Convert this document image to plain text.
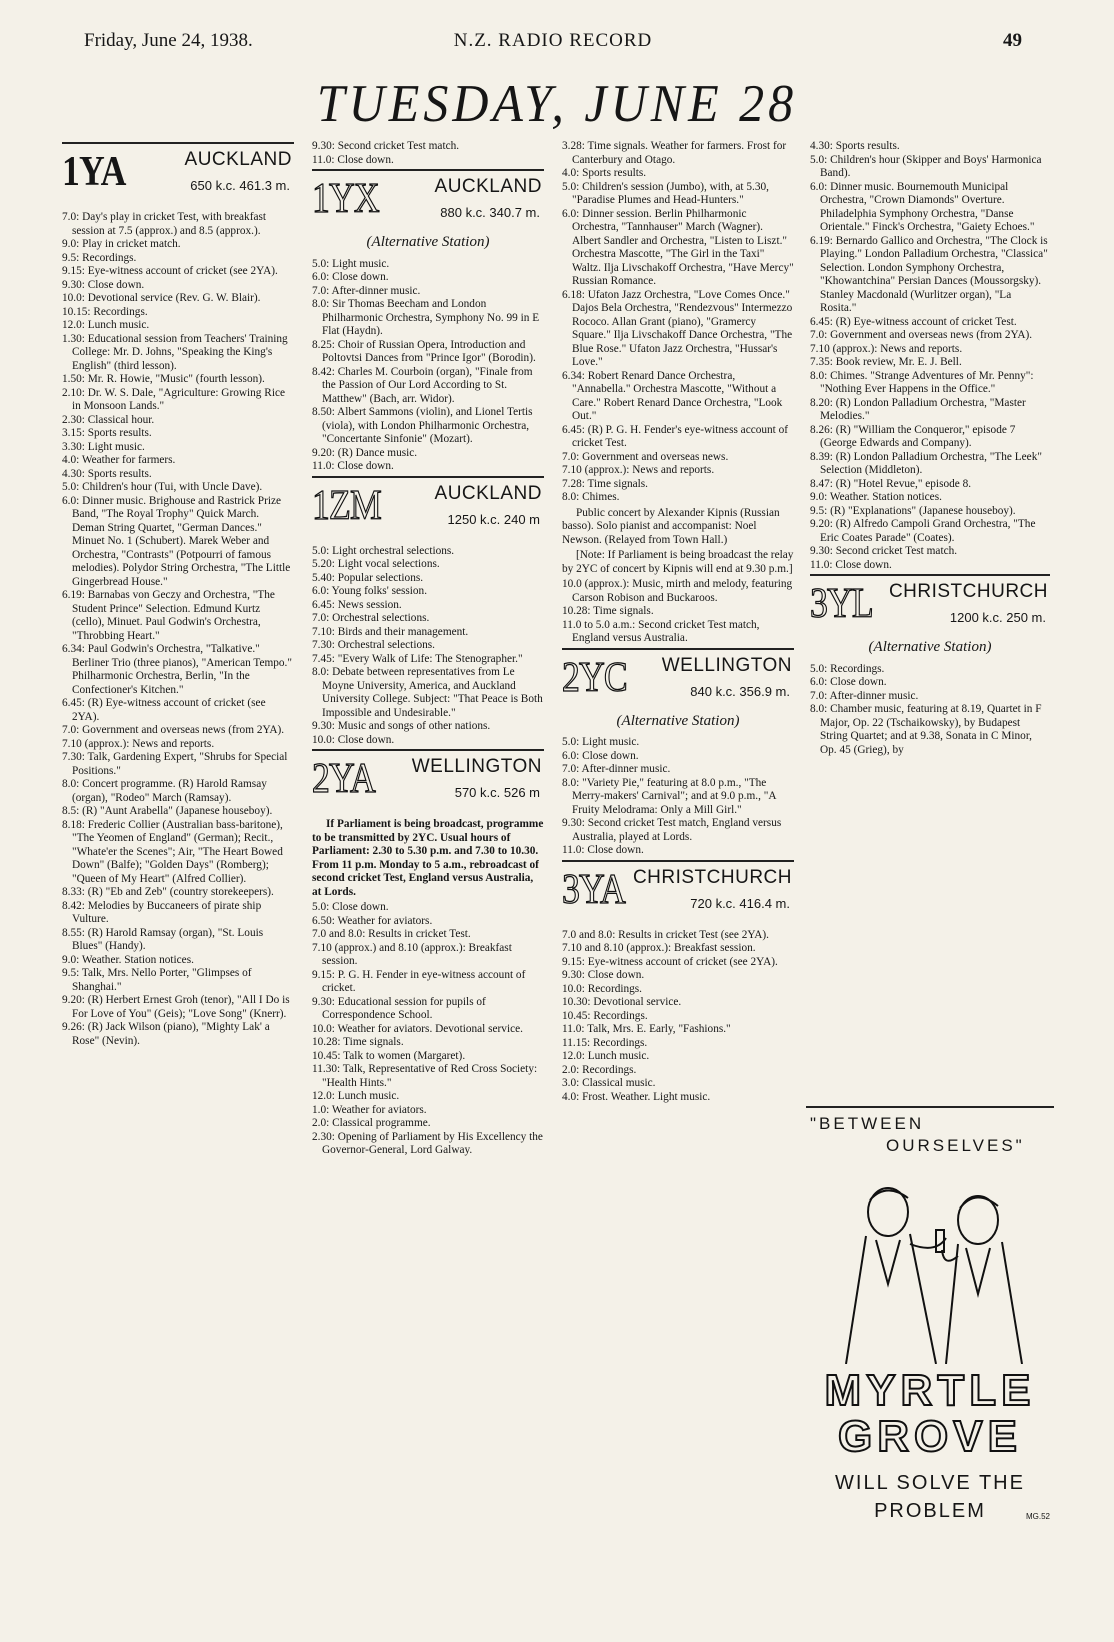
Friday, June 24, 1938.	N.Z. RADIO RECORD	49
TUESDAY, JUNE 28
1YA	AUCKLAND
650 k.c. 461.3 m.

7.0: Day's play in cricket Test, with breakfast session at 7.5 (approx.) and 8.5 (approx.).

9.0: Play in cricket match.

9.5: Recordings.

9.15: Eye-witness account of cricket (see 2YA).

9.30: Close down.

10.0: Devotional service (Rev. G. W. Blair).

10.15: Recordings.

12.0: Lunch music.

1.30: Educational session from Teachers' Training College: Mr. D. Johns, "Speaking the King's English" (third lesson).

1.50: Mr. R. Howie, "Music" (fourth lesson).

2.10: Dr. W. S. Dale, "Agriculture: Growing Rice in Monsoon Lands."

2.30: Classical hour.

3.15: Sports results.

3.30: Light music.

4.0: Weather for farmers.

4.30: Sports results.

5.0: Children's hour (Tui, with Uncle Dave).

6.0: Dinner music. Brighouse and Rastrick Prize Band, "The Royal Trophy" Quick March. Deman String Quartet, "German Dances." Minuet No. 1 (Schubert). Marek Weber and Orchestra, "Contrasts" (Potpourri of famous melodies). Polydor String Orchestra, "The Little Gingerbread House."

6.19: Barnabas von Geczy and Orchestra, "The Student Prince" Selection. Edmund Kurtz (cello), Minuet. Paul Godwin's Orchestra, "Throbbing Heart."

6.34: Paul Godwin's Orchestra, "Talkative." Berliner Trio (three pianos), "American Tempo." Philharmonic Orchestra, Berlin, "In the Confectioner's Kitchen."

6.45: (R) Eye-witness account of cricket (see 2YA).

7.0: Government and overseas news (from 2YA).

7.10 (approx.): News and reports.

7.30: Talk, Gardening Expert, "Shrubs for Special Positions."

8.0: Concert programme. (R) Harold Ramsay (organ), "Rodeo" March (Ramsay).

8.5: (R) "Aunt Arabella" (Japanese houseboy).

8.18: Frederic Collier (Australian bass-baritone), "The Yeomen of England" (German); Recit., "Whate'er the Scenes"; Air, "The Heart Bowed Down" (Balfe); "Golden Days" (Romberg); "Queen of My Heart" (Alfred Collier).

8.33: (R) "Eb and Zeb" (country storekeepers).

8.42: Melodies by Buccaneers of pirate ship Vulture.

8.55: (R) Harold Ramsay (organ), "St. Louis Blues" (Handy).

9.0: Weather. Station notices.

9.5: Talk, Mrs. Nello Porter, "Glimpses of Shanghai."

9.20: (R) Herbert Ernest Groh (tenor), "All I Do is For Love of You" (Geis); "Love Song" (Knerr).

9.26: (R) Jack Wilson (piano), "Mighty Lak' a Rose" (Nevin).

9.30: Second cricket Test match.

11.0: Close down.

1YX	AUCKLAND
880 k.c. 340.7 m.
(Alternative Station)

5.0: Light music.

6.0: Close down.

7.0: After-dinner music.

8.0: Sir Thomas Beecham and London Philharmonic Orchestra, Symphony No. 99 in E Flat (Haydn).

8.25: Choir of Russian Opera, Introduction and Poltovtsi Dances from "Prince Igor" (Borodin).

8.42: Charles M. Courboin (organ), "Finale from the Passion of Our Lord According to St. Matthew" (Bach, arr. Widor).

8.50: Albert Sammons (violin), and Lionel Tertis (viola), with London Philharmonic Orchestra, "Concertante Sinfonie" (Mozart).

9.20: (R) Dance music.

11.0: Close down.

1ZM	AUCKLAND
1250 k.c. 240 m

5.0: Light orchestral selections.

5.20: Light vocal selections.

5.40: Popular selections.

6.0: Young folks' session.

6.45: News session.

7.0: Orchestral selections.

7.10: Birds and their management.

7.30: Orchestral selections.

7.45: "Every Walk of Life: The Stenographer."

8.0: Debate between representatives from Le Moyne University, America, and Auckland University College. Subject: "That Peace is Both Impossible and Undesirable."

9.30: Music and songs of other nations.

10.0: Close down.

2YA WELLINGTON
570 k.c. 526 m

If Parliament is being broadcast, programme to be transmitted by 2YC. Usual hours of Parliament: 2.30 to 5.30 p.m. and 7.30 to 10.30. From 11 p.m. Monday to 5 a.m., rebroadcast of second cricket Test, England versus Australia, at Lords.

5.0: Close down.

6.50: Weather for aviators.

7.0 and 8.0: Results in cricket Test.

7.10 (approx.) and 8.10 (approx.): Breakfast session.

9.15: P. G. H. Fender in eye-witness account of cricket.

9.30: Educational session for pupils of Correspondence School.

10.0: Weather for aviators. Devotional service.

10.28: Time signals.

10.45: Talk to women (Margaret).

11.30: Talk, Representative of Red Cross Society: "Health Hints."

12.0: Lunch music.

1.0: Weather for aviators.

2.0: Classical programme.

2.30: Opening of Parliament by His Excellency the Governor-General, Lord Galway.

3.28: Time signals. Weather for farmers. Frost for Canterbury and Otago.

4.0: Sports results.

5.0: Children's session (Jumbo), with, at 5.30, "Paradise Plumes and Head-Hunters."

6.0: Dinner session. Berlin Philharmonic Orchestra, "Tannhauser" March (Wagner). Albert Sandler and Orchestra, "Listen to Liszt." Orchestra Mascotte, "The Girl in the Taxi" Waltz. Ilja Livschakoff Orchestra, "Have Mercy" Russian Romance.

6.18: Ufaton Jazz Orchestra, "Love Comes Once." Dajos Bela Orchestra, "Rendezvous" Intermezzo Rococo. Allan Grant (piano), "Gramercy Square." Ilja Livschakoff Dance Orchestra, "The Blue Rose." Ufaton Jazz Orchestra, "Hussar's Love."

6.34: Robert Renard Dance Orchestra, "Annabella." Orchestra Mascotte, "Without a Care." Robert Renard Dance Orchestra, "Look Out."

6.45: (R) P. G. H. Fender's eye-witness account of cricket Test.

7.0: Government and overseas news.

7.10 (approx.): News and reports.

7.28: Time signals.

8.0: Chimes.

Public concert by Alexander Kipnis (Russian basso). Solo pianist and accompanist: Noel Newson. (Relayed from Town Hall.)

[Note: If Parliament is being broadcast the relay by 2YC of concert by Kipnis will end at 9.30 p.m.]

10.0 (approx.): Music, mirth and melody, featuring Carson Robison and Buckaroos.

10.28: Time signals.

11.0 to 5.0 a.m.: Second cricket Test match, England versus Australia.

2YC WELLINGTON
840 k.c. 356.9 m.
(Alternative Station)

5.0: Light music.

6.0: Close down.

7.0: After-dinner music.

8.0: "Variety Pie," featuring at 8.0 p.m., "The Merry-makers' Carnival"; and at 9.0 p.m., "A Fruity Melodrama: Only a Mill Girl."

9.30: Second cricket Test match, England versus Australia, played at Lords.

11.0: Close down.

3YA CHRISTCHURCH
720 k.c. 416.4 m.

7.0 and 8.0: Results in cricket Test (see 2YA).

7.10 and 8.10 (approx.): Breakfast session.

9.15: Eye-witness account of cricket (see 2YA).

9.30: Close down.

10.0: Recordings.

10.30: Devotional service.

10.45: Recordings.

11.0: Talk, Mrs. E. Early, "Fashions."

11.15: Recordings.

12.0: Lunch music.

2.0: Recordings.

3.0: Classical music.

4.0: Frost. Weather. Light music.

4.30: Sports results.

5.0: Children's hour (Skipper and Boys' Harmonica Band).

6.0: Dinner music. Bournemouth Municipal Orchestra, "Crown Diamonds" Overture. Philadelphia Symphony Orchestra, "Danse Orientale." Finck's Orchestra, "Gaiety Echoes."

6.19: Bernardo Gallico and Orchestra, "The Clock is Playing." London Palladium Orchestra, "Classica" Selection. London Symphony Orchestra, "Khowantchina" Persian Dances (Moussorgsky). Stanley Macdonald (Wurlitzer organ), "La Rosita."

6.45: (R) Eye-witness account of cricket Test.

7.0: Government and overseas news (from 2YA).

7.10 (approx.): News and reports.

7.35: Book review, Mr. E. J. Bell.

8.0: Chimes. "Strange Adventures of Mr. Penny": "Nothing Ever Happens in the Office."

8.20: (R) London Palladium Orchestra, "Master Melodies."

8.26: (R) "William the Conqueror," episode 7 (George Edwards and Company).

8.39: (R) London Palladium Orchestra, "The Leek" Selection (Middleton).

8.47: (R) "Hotel Revue," episode 8.

9.0: Weather. Station notices.

9.5: (R) "Explanations" (Japanese houseboy).

9.20: (R) Alfredo Campoli Grand Orchestra, "The Eric Coates Parade" (Coates).

9.30: Second cricket Test match.

11.0: Close down.

3YL CHRISTCHURCH
1200 k.c. 250 m.
(Alternative Station)

5.0: Recordings.

6.0: Close down.

7.0: After-dinner music.

8.0: Chamber music, featuring at 8.19, Quartet in F Major, Op. 22 (Tschaikowsky), by Budapest String Quartet; and at 9.38, Sonata in C Minor, Op. 45 (Grieg), by

"BETWEEN
OURSELVES"
MYRTLE
GROVE
WILL SOLVE THE
PROBLEM	MG.52
